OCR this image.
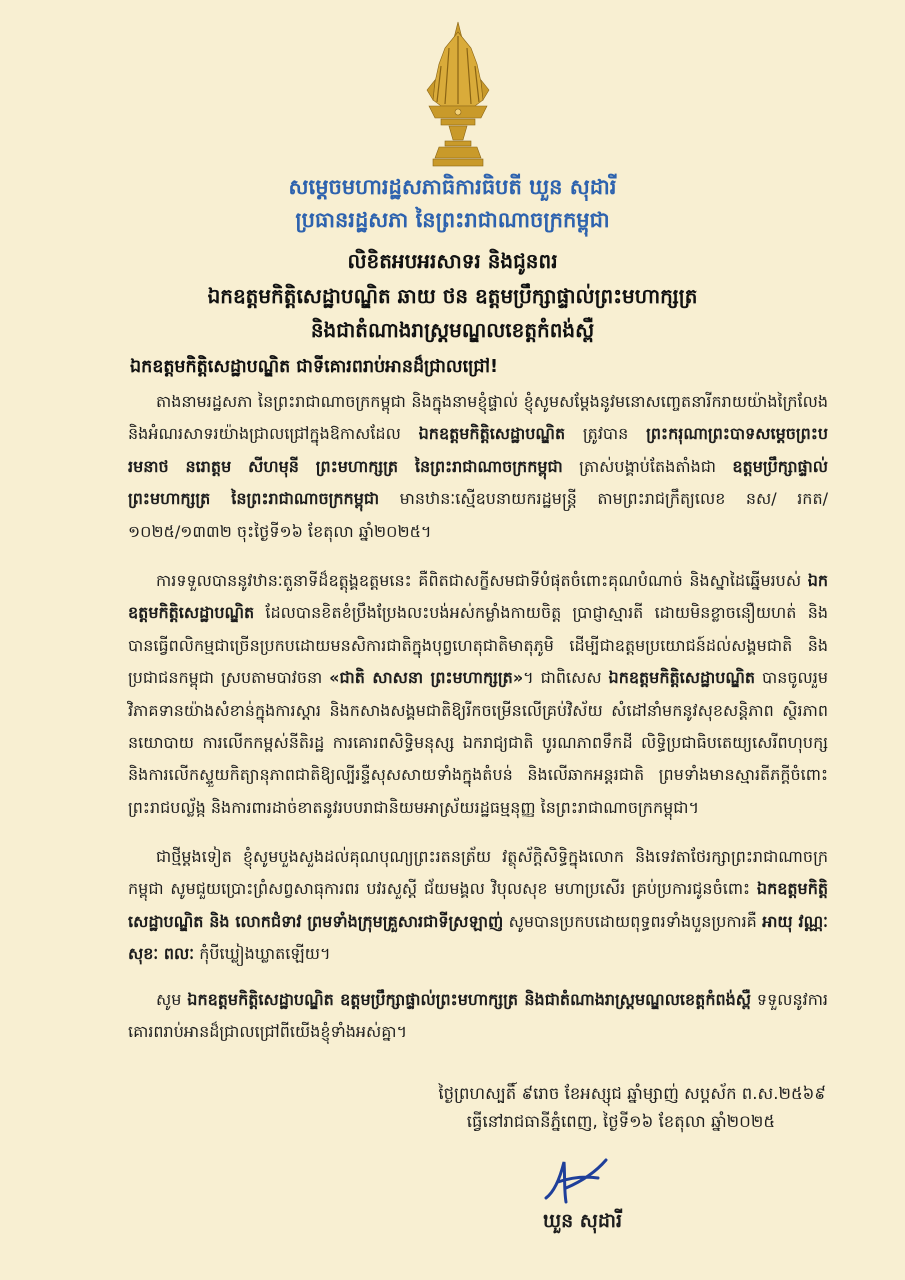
សម្តេចមហារដ្ឋសភាធិការធិបតី ឃួន សុដារី
ប្រធានរដ្ឋសភា នៃព្រះរាជាណាចក្រកម្ពុជា
លិខិតអបអរសាទរ និងជូនពរ
ឯកឧត្តមកិត្តិសេដ្ឋាបណ្ឌិត ឆាយ ថន ឧត្តមប្រឹក្សាផ្ទាល់ព្រះមហាក្សត្រ
និងជាតំណាងរាស្ត្រមណ្ឌលខេត្តកំពង់ស្ពឺ
ឯកឧត្តមកិត្តិសេដ្ឋាបណ្ឌិត ជាទីគោរពរាប់អានដ៏ជ្រាលជ្រៅ!
តាងនាមរដ្ឋសភា នៃព្រះរាជាណាចក្រកម្ពុជា និងក្នុងនាមខ្ញុំផ្ទាល់ ខ្ញុំសូមសម្តែងនូវមនោសញ្ចេតនារីករាយយ៉ាងក្រៃលែង និងអំណរសាទរយ៉ាងជ្រាលជ្រៅក្នុងឱកាសដែល ឯកឧត្តមកិត្តិសេដ្ឋាបណ្ឌិត ត្រូវបាន ព្រះករុណាព្រះបាទសម្តេចព្រះបរមនាថ នរោត្តម សីហមុនី ព្រះមហាក្សត្រ នៃព្រះរាជាណាចក្រកម្ពុជា ត្រាស់បង្គាប់តែងតាំងជា ឧត្តមប្រឹក្សាផ្ទាល់ព្រះមហាក្សត្រ នៃព្រះរាជាណាចក្រកម្ពុជា មានឋានៈស្មើឧបនាយករដ្ឋមន្ត្រី តាមព្រះរាជក្រឹត្យលេខ នស/ រកត/១០២៥/១៣៣២ ចុះថ្ងៃទី១៦ ខែតុលា ឆ្នាំ២០២៥។
ការទទួលបាននូវឋានៈតួនាទីដ៏ឧត្តុង្គឧត្តមនេះ គឺពិតជាសក្ខីសមជាទីបំផុតចំពោះគុណបំណាច់ និងស្នាដៃឆ្នើមរបស់ ឯកឧត្តមកិត្តិសេដ្ឋាបណ្ឌិត ដែលបានខិតខំប្រឹងប្រែងលះបង់អស់កម្លាំងកាយចិត្ត ប្រាជ្ញាស្មារតី ដោយមិនខ្លាចនឿយហត់ និងបានធ្វើពលិកម្មជាច្រើនប្រកបដោយមនសិការជាតិក្នុងបុព្វហេតុជាតិមាតុភូមិ ដើម្បីជាឧត្តមប្រយោជន៍ដល់សង្គមជាតិ និងប្រជាជនកម្ពុជា ស្របតាមបាវចនា «ជាតិ សាសនា ព្រះមហាក្សត្រ»។ ជាពិសេស ឯកឧត្តមកិត្តិសេដ្ឋាបណ្ឌិត បានចូលរួមវិភាគទានយ៉ាងសំខាន់ក្នុងការស្តារ និងកសាងសង្គមជាតិឱ្យរីកចម្រើនលើគ្រប់វិស័យ សំដៅនាំមកនូវសុខសន្តិភាព ស្ថិរភាពនយោបាយ ការលើកកម្ពស់នីតិរដ្ឋ ការគោរពសិទ្ធិមនុស្ស ឯករាជ្យជាតិ បូរណភាពទឹកដី លិទ្ធិប្រជាធិបតេយ្យសេរីពហុបក្ស និងការលើកស្ទួយកិត្យានុភាពជាតិឱ្យល្បីរន្ទឺសុសសាយទាំងក្នុងតំបន់ និងលើឆាកអន្តរជាតិ ព្រមទាំងមានស្មារតីភក្តីចំពោះព្រះរាជបល្ល័ង្ក និងការពារដាច់ខាតនូវរបបរាជានិយមអាស្រ័យរដ្ឋធម្មនុញ្ញ នៃព្រះរាជាណាចក្រកម្ពុជា។
ជាថ្មីម្តងទៀត ខ្ញុំសូមបួងសួងដល់គុណបុណ្យព្រះរតនត្រ័យ វត្ថុស័ក្តិសិទ្ធិក្នុងលោក និងទេវតាថែរក្សាព្រះរាជាណាចក្រកម្ពុជា សូមជួយប្រោះព្រំសព្វសាធុការពរ បវរសួស្តី ជ័យមង្គល វិបុលសុខ មហាប្រសើរ គ្រប់ប្រការជូនចំពោះ ឯកឧត្តមកិត្តិសេដ្ឋាបណ្ឌិត និង លោកជំទាវ ព្រមទាំងក្រុមគ្រួសារជាទីស្រឡាញ់ សូមបានប្រកបដោយពុទ្ធពរទាំងបួនប្រការគឺ អាយុ វណ្ណៈ សុខៈ ពលៈ កុំបីឃ្លៀងឃ្លាតឡើយ។
សូម ឯកឧត្តមកិត្តិសេដ្ឋាបណ្ឌិត ឧត្តមប្រឹក្សាផ្ទាល់ព្រះមហាក្សត្រ និងជាតំណាងរាស្ត្រមណ្ឌលខេត្តកំពង់ស្ពឺ ទទួលនូវការគោរពរាប់អានដ៏ជ្រាលជ្រៅពីយើងខ្ញុំទាំងអស់គ្នា។
ថ្ងៃព្រហស្បតិ៍ ៩រោច ខែអស្សុជ ឆ្នាំម្សាញ់ សប្តស័ក ព.ស.២៥៦៩
ធ្វើនៅរាជធានីភ្នំពេញ, ថ្ងៃទី១៦ ខែតុលា ឆ្នាំ២០២៥
ឃួន សុដារី
